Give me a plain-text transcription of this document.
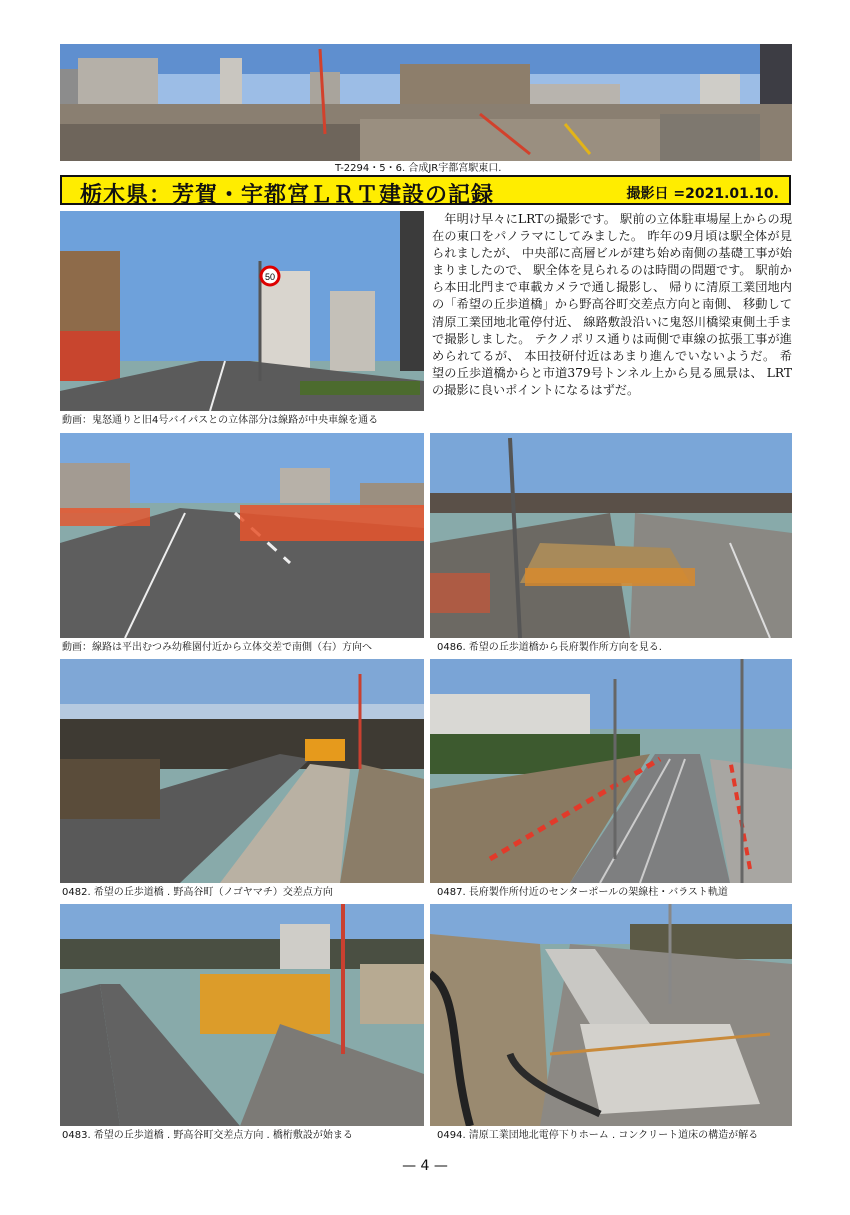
T-2294・5・6. 合成JR宇都宮駅東口.
栃木県：芳賀・宇都宮ＬＲＴ建設の記録	撮影日 =2021.01.10.
50
動画：鬼怒通りと旧4号バイパスとの立体部分は線路が中央車線を通る
　年明け早々にLRTの撮影です。 駅前の立体駐車場屋上からの現在の東口をパノラマにしてみました。 昨年の9月頃は駅全体が見られましたが、 中央部に高層ビルが建ち始め南側の基礎工事が始まりましたので、 駅全体を見られるのは時間の問題です。 駅前から本田北門まで車載カメラで通し撮影し、 帰りに清原工業団地内の「希望の丘歩道橋」から野高谷町交差点方向と南側、 移動して清原工業団地北電停付近、 線路敷設沿いに鬼怒川橋梁東側土手まで撮影しました。 テクノポリス通りは両側で車線の拡張工事が進められてるが、 本田技研付近はあまり進んでいないようだ。 希望の丘歩道橋からと市道379号トンネル上から見る風景は、 LRTの撮影に良いポイントになるはずだ。
動画：線路は平出むつみ幼稚園付近から立体交差で南側（右）方向へ	0486. 希望の丘歩道橋から長府製作所方向を見る.
0482. 希望の丘歩道橋 . 野高谷町（ノゴヤマチ）交差点方向	0487. 長府製作所付近のセンターポールの架線柱・バラスト軌道
0483. 希望の丘歩道橋 . 野高谷町交差点方向 . 橋桁敷設が始まる	0494. 清原工業団地北電停下りホーム . コンクリート道床の構造が解る
— 4 —
